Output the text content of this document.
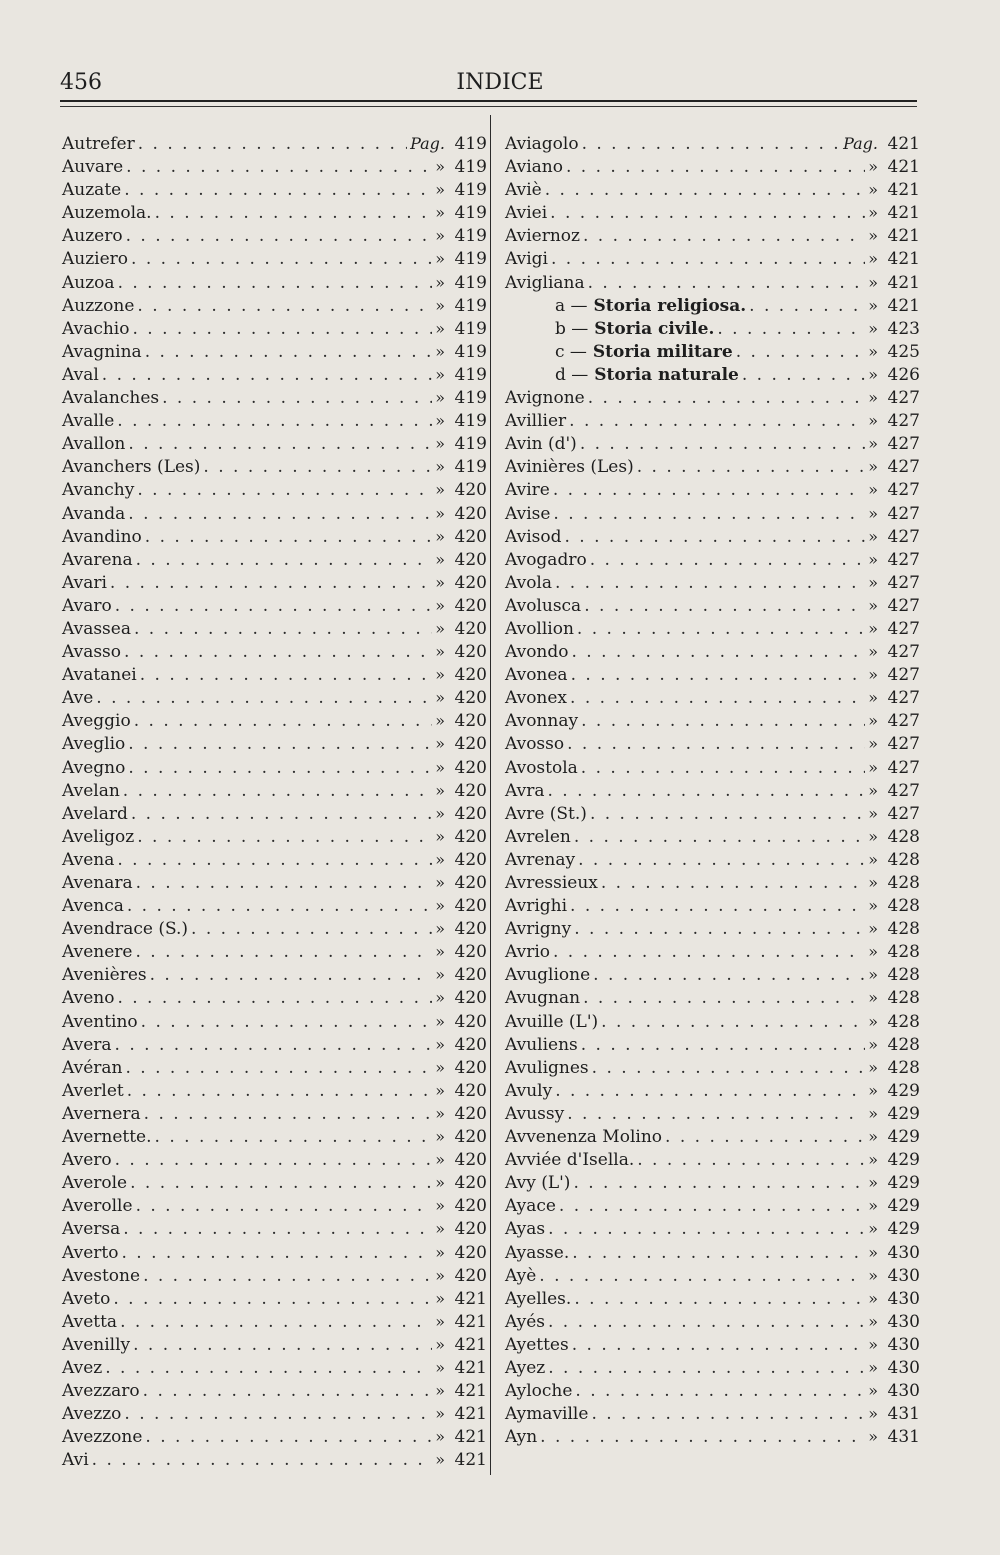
456	INDICE
Autrefer . . .	Pag. 419
Auvare . . .	» 419
Auzate . . .	» 419
Auzemola. . . .	» 419
Auzero . . .	» 419
Auziero . . .	» 419
Auzoa . . .	» 419
Auzzone . . .	» 419
Avachio . . .	» 419
Avagnina . . .	» 419
Aval . . .	» 419
Avalanches . . .	» 419
Avalle . . .	» 419
Avallon . . .	» 419
Avanchers (Les) . . .	» 419
Avanchy . . .	» 420
Avanda . . .	» 420
Avandino . . .	» 420
Avarena . . .	» 420
Avari . . .	» 420
Avaro . . .	» 420
Avassea . . .	» 420
Avasso . . .	» 420
Avatanei . . .	» 420
Ave . . .	» 420
Aveggio . . .	» 420
Aveglio . . .	» 420
Avegno . . .	» 420
Avelan . . .	» 420
Avelard . . .	» 420
Aveligoz . . .	» 420
Avena . . .	» 420
Avenara . . .	» 420
Avenca . . .	» 420
Avendrace (S.) . . .	» 420
Avenere . . .	» 420
Avenières . . .	» 420
Aveno . . .	» 420
Aventino . . .	» 420
Avera . . .	» 420
Avéran . . .	» 420
Averlet . . .	» 420
Avernera . . .	» 420
Avernette. . . .	» 420
Avero . . .	» 420
Averole . . .	» 420
Averolle . . .	» 420
Aversa . . .	» 420
Averto . . .	» 420
Avestone . . .	» 420
Aveto . . .	» 421
Avetta . . .	» 421
Avenilly . . .	» 421
Avez . . .	» 421
Avezzaro . . .	» 421
Avezzo . . .	» 421
Avezzone . . .	» 421
Avi . . .	» 421
Aviagolo . . .	Pag. 421
Aviano . . .	» 421
Aviè . . .	» 421
Aviei . . .	» 421
Aviernoz . . .	» 421
Avigi . . .	» 421
Avigliana . . .	» 421
a — Storia religiosa. . . .	» 421
b — Storia civile. . . .	» 423
c — Storia militare . . .	» 425
d — Storia naturale . . .	» 426
Avignone . . .	» 427
Avillier . . .	» 427
Avin (d') . . .	» 427
Avinières (Les) . . .	» 427
Avire . . .	» 427
Avise . . .	» 427
Avisod . . .	» 427
Avogadro . . .	» 427
Avola . . .	» 427
Avolusca . . .	» 427
Avollion . . .	» 427
Avondo . . .	» 427
Avonea . . .	» 427
Avonex . . .	» 427
Avonnay . . .	» 427
Avosso . . .	» 427
Avostola . . .	» 427
Avra . . .	» 427
Avre (St.) . . .	» 427
Avrelen . . .	» 428
Avrenay . . .	» 428
Avressieux . . .	» 428
Avrighi . . .	» 428
Avrigny . . .	» 428
Avrio . . .	» 428
Avuglione . . .	» 428
Avugnan . . .	» 428
Avuille (L') . . .	» 428
Avuliens . . .	» 428
Avulignes . . .	» 428
Avuly . . .	» 429
Avussy . . .	» 429
Avvenenza Molino . . .	» 429
Avviée d'Isella. . . .	» 429
Avy (L') . . .	» 429
Ayace . . .	» 429
Ayas . . .	» 429
Ayasse. . . .	» 430
Ayè . . .	» 430
Ayelles. . . .	» 430
Ayés . . .	» 430
Ayettes . . .	» 430
Ayez . . .	» 430
Ayloche . . .	» 430
Aymaville . . .	» 431
Ayn . . .	» 431
